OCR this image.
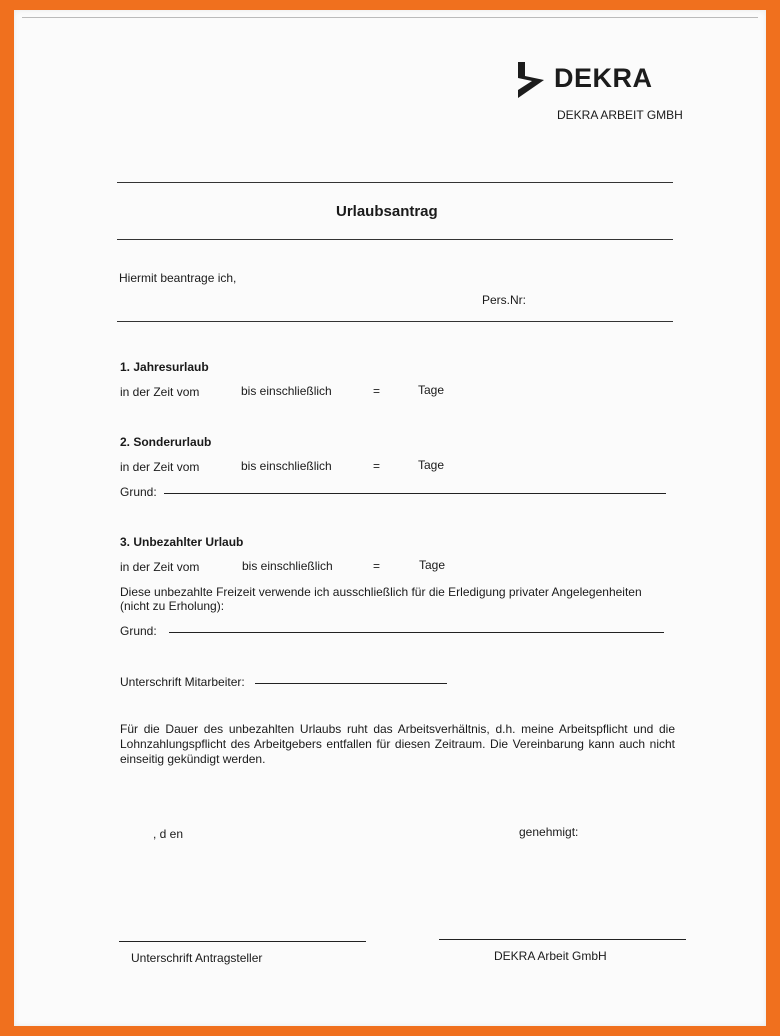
DEKRA
DEKRA ARBEIT GMBH
Urlaubsantrag
Hiermit beantrage ich,
Pers.Nr:
1. Jahresurlaub
in der Zeit vom	bis einschließlich	=	Tage
2. Sonderurlaub
in der Zeit vom	bis einschließlich	=	Tage
Grund:
3. Unbezahlter Urlaub
in der Zeit vom	bis einschließlich	=	Tage
Diese unbezahlte Freizeit verwende ich ausschließlich für die Erledigung privater Angelegenheiten
(nicht zu Erholung):
Grund:
Unterschrift Mitarbeiter:
Für die Dauer des unbezahlten Urlaubs ruht das Arbeitsverhältnis, d.h. meine Arbeitspflicht und die Lohnzahlungspflicht des Arbeitgebers entfallen für diesen Zeitraum. Die Vereinbarung kann auch nicht einseitig gekündigt werden.
, d en	genehmigt:
Unterschrift Antragsteller	DEKRA Arbeit GmbH
